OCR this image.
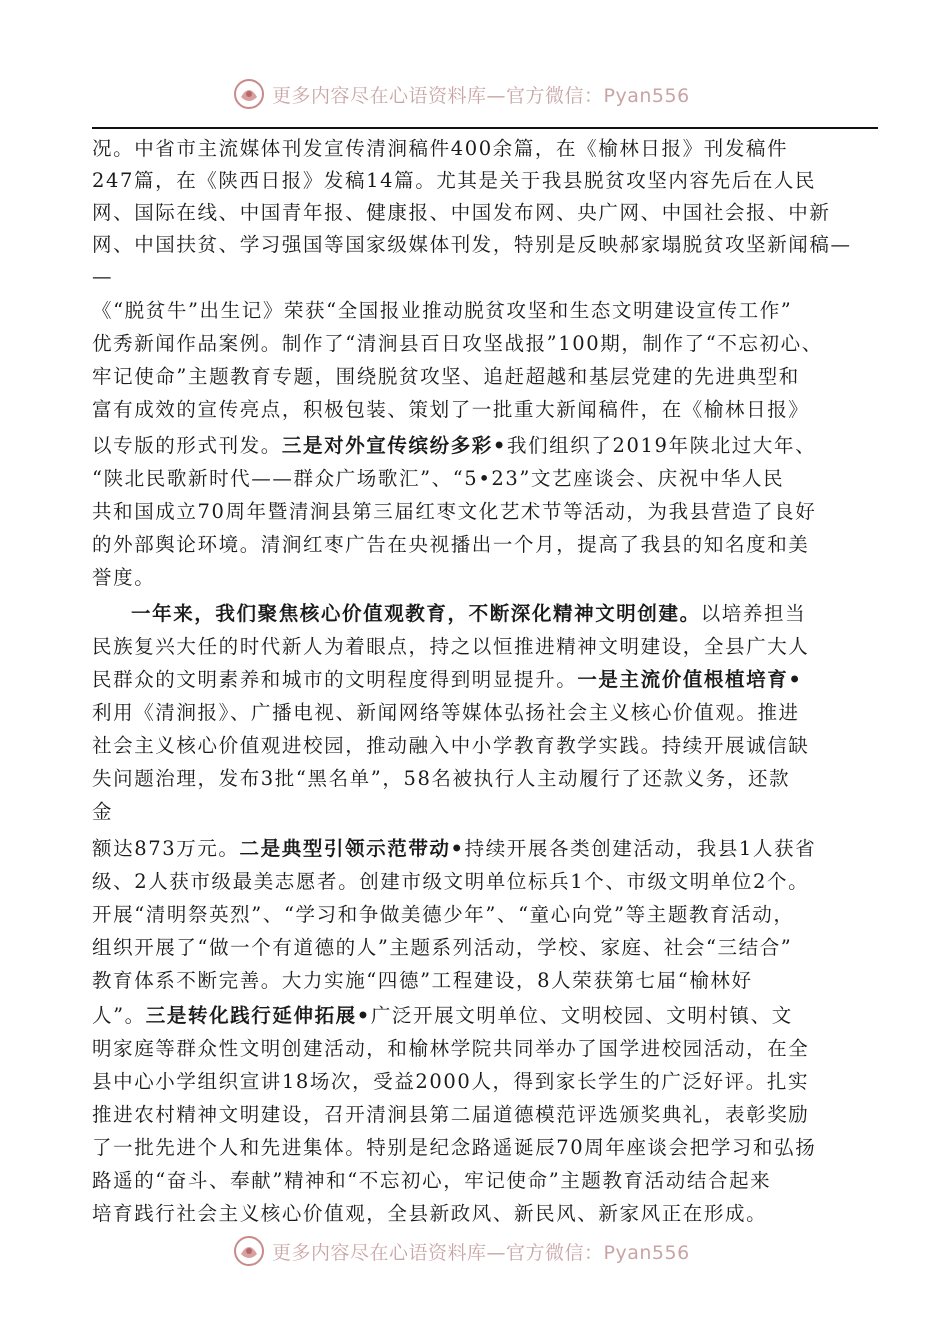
更多内容尽在心语资料库—官方微信：Pyan556
况。中省市主流媒体刊发宣传清涧稿件400余篇，在《榆林日报》刊发稿件
247篇，在《陕西日报》发稿14篇。尤其是关于我县脱贫攻坚内容先后在人民
网、国际在线、中国青年报、健康报、中国发布网、央广网、中国社会报、中新
网、中国扶贫、学习强国等国家级媒体刊发，特别是反映郝家塌脱贫攻坚新闻稿—
—
《“脱贫牛”出生记》荣获“全国报业推动脱贫攻坚和生态文明建设宣传工作”
优秀新闻作品案例。制作了“清涧县百日攻坚战报”100期，制作了“不忘初心、
牢记使命”主题教育专题，围绕脱贫攻坚、追赶超越和基层党建的先进典型和
富有成效的宣传亮点，积极包装、策划了一批重大新闻稿件，在《榆林日报》
以专版的形式刊发。三是对外宣传缤纷多彩•我们组织了2019年陕北过大年、
“陕北民歌新时代——群众广场歌汇”、“5•23”文艺座谈会、庆祝中华人民
共和国成立70周年暨清涧县第三届红枣文化艺术节等活动，为我县营造了良好
的外部舆论环境。清涧红枣广告在央视播出一个月，提高了我县的知名度和美
誉度。
一年来，我们聚焦核心价值观教育，不断深化精神文明创建。以培养担当
民族复兴大任的时代新人为着眼点，持之以恒推进精神文明建设，全县广大人
民群众的文明素养和城市的文明程度得到明显提升。一是主流价值根植培育•
利用《清涧报》、广播电视、新闻网络等媒体弘扬社会主义核心价值观。推进
社会主义核心价值观进校园，推动融入中小学教育教学实践。持续开展诚信缺
失问题治理，发布3批“黑名单”，58名被执行人主动履行了还款义务，还款
金
额达873万元。二是典型引领示范带动•持续开展各类创建活动，我县1人获省
级、2人获市级最美志愿者。创建市级文明单位标兵1个、市级文明单位2个。
开展“清明祭英烈”、“学习和争做美德少年”、“童心向党”等主题教育活动，
组织开展了“做一个有道德的人”主题系列活动，学校、家庭、社会“三结合”
教育体系不断完善。大力实施“四德”工程建设，8人荣获第七届“榆林好
人”。三是转化践行延伸拓展•广泛开展文明单位、文明校园、文明村镇、文
明家庭等群众性文明创建活动，和榆林学院共同举办了国学进校园活动，在全
县中心小学组织宣讲18场次，受益2000人，得到家长学生的广泛好评。扎实
推进农村精神文明建设，召开清涧县第二届道德模范评选颁奖典礼，表彰奖励
了一批先进个人和先进集体。特别是纪念路遥诞辰70周年座谈会把学习和弘扬
路遥的“奋斗、奉献”精神和“不忘初心，牢记使命”主题教育活动结合起来
培育践行社会主义核心价值观，全县新政风、新民风、新家风正在形成。
更多内容尽在心语资料库—官方微信：Pyan556
